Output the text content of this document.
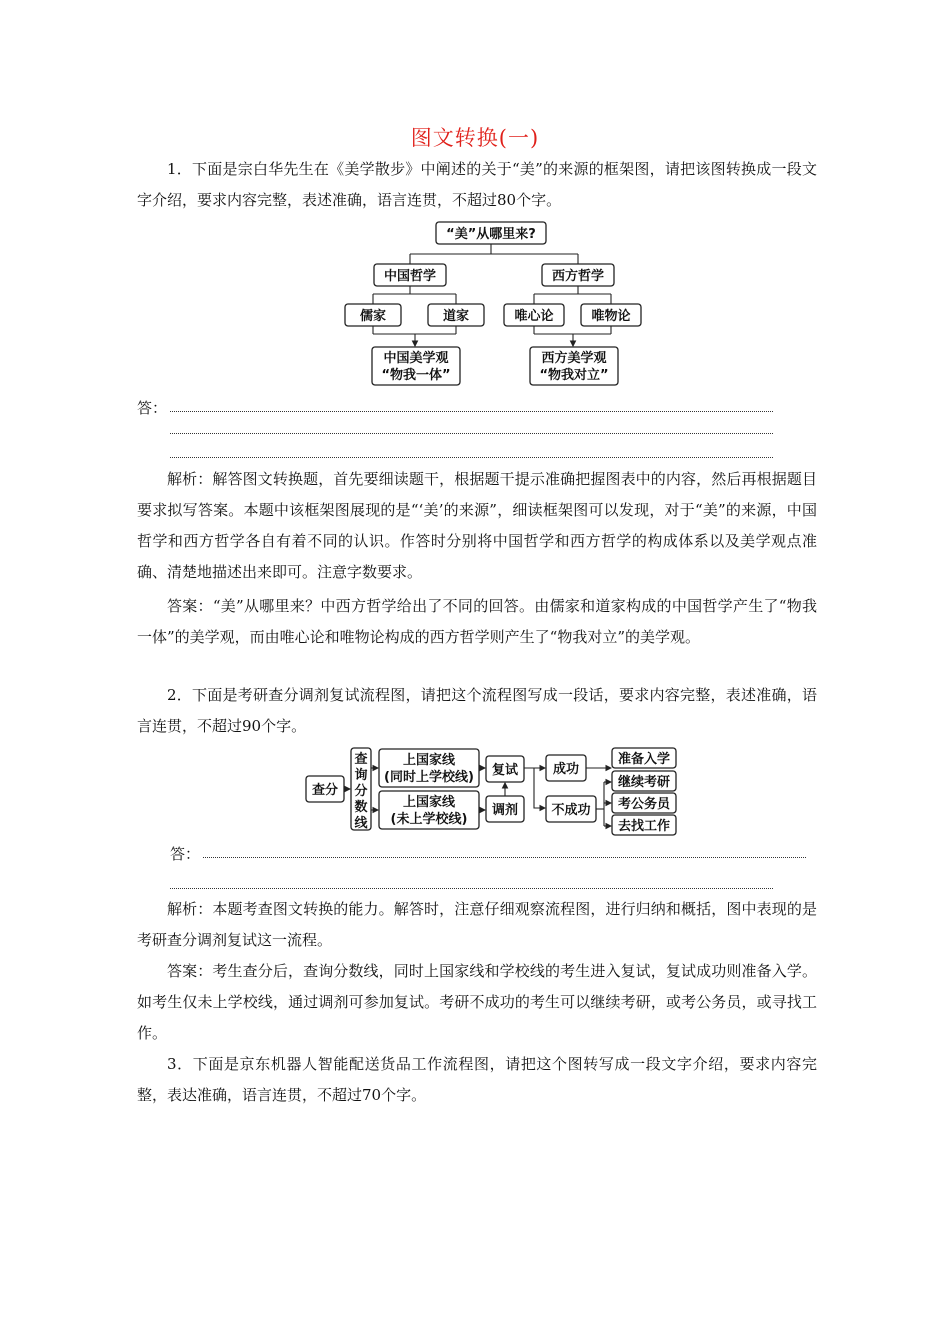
图文转换(一)
1．下面是宗白华先生在《美学散步》中阐述的关于“美”的来源的框架图，请把该图转换成一段文字介绍，要求内容完整，表述准确，语言连贯，不超过80个字。
“美”从哪里来?
中国哲学	西方哲学
儒家	道家	唯心论	唯物论
中国美学观
“物我一体”
西方美学观
“物我对立”
答：
解析：解答图文转换题，首先要细读题干，根据题干提示准确把握图表中的内容，然后再根据题目要求拟写答案。本题中该框架图展现的是“‘美’的来源”，细读框架图可以发现，对于“美”的来源，中国哲学和西方哲学各自有着不同的认识。作答时分别将中国哲学和西方哲学的构成体系以及美学观点准确、清楚地描述出来即可。注意字数要求。
答案：“美”从哪里来？中西方哲学给出了不同的回答。由儒家和道家构成的中国哲学产生了“物我一体”的美学观，而由唯心论和唯物论构成的西方哲学则产生了“物我对立”的美学观。
2．下面是考研查分调剂复试流程图，请把这个流程图写成一段话，要求内容完整，表述准确，语言连贯，不超过90个字。
查分
查
询
分
数
线
上国家线
(同时上学校线)
上国家线
(未上学校线)
复试
调剂
成功
不成功
准备入学
继续考研
考公务员
去找工作
答：
解析：本题考查图文转换的能力。解答时，注意仔细观察流程图，进行归纳和概括，图中表现的是考研查分调剂复试这一流程。
答案：考生查分后，查询分数线，同时上国家线和学校线的考生进入复试，复试成功则准备入学。如考生仅未上学校线，通过调剂可参加复试。考研不成功的考生可以继续考研，或考公务员，或寻找工作。
3．下面是京东机器人智能配送货品工作流程图，请把这个图转写成一段文字介绍，要求内容完整，表达准确，语言连贯，不超过70个字。
